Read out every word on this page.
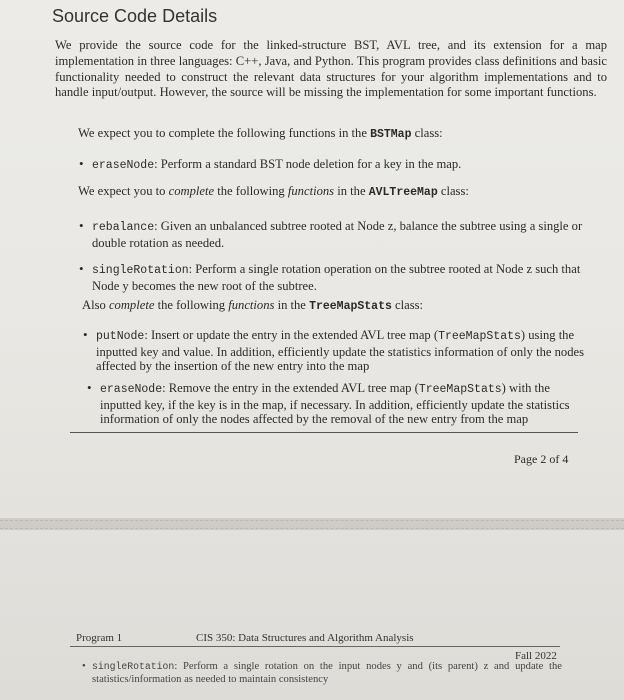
Source Code Details
We provide the source code for the linked-structure BST, AVL tree, and its extension for a map implementation in three languages: C++, Java, and Python. This program provides class definitions and basic functionality needed to construct the relevant data structures for your algorithm implementations and to handle input/output. However, the source will be missing the implementation for some important functions.
We expect you to complete the following functions in the BSTMap class:
• eraseNode: Perform a standard BST node deletion for a key in the map.
We expect you to complete the following functions in the AVLTreeMap class:
• rebalance: Given an unbalanced subtree rooted at Node z, balance the subtree using a single or double rotation as needed.
• singleRotation: Perform a single rotation operation on the subtree rooted at Node z such that Node y becomes the new root of the subtree.
Also complete the following functions in the TreeMapStats class:
• putNode: Insert or update the entry in the extended AVL tree map (TreeMapStats) using the inputted key and value. In addition, efficiently update the statistics information of only the nodes affected by the insertion of the new entry into the map
• eraseNode: Remove the entry in the extended AVL tree map (TreeMapStats) with the inputted key, if the key is in the map, if necessary. In addition, efficiently update the statistics information of only the nodes affected by the removal of the new entry from the map
Page 2 of 4
Program 1	CIS 350: Data Structures and Algorithm Analysis
Fall 2022
• singleRotation: Perform a single rotation on the input nodes y and (its parent) z and update the statistics/information as needed to maintain consistency
